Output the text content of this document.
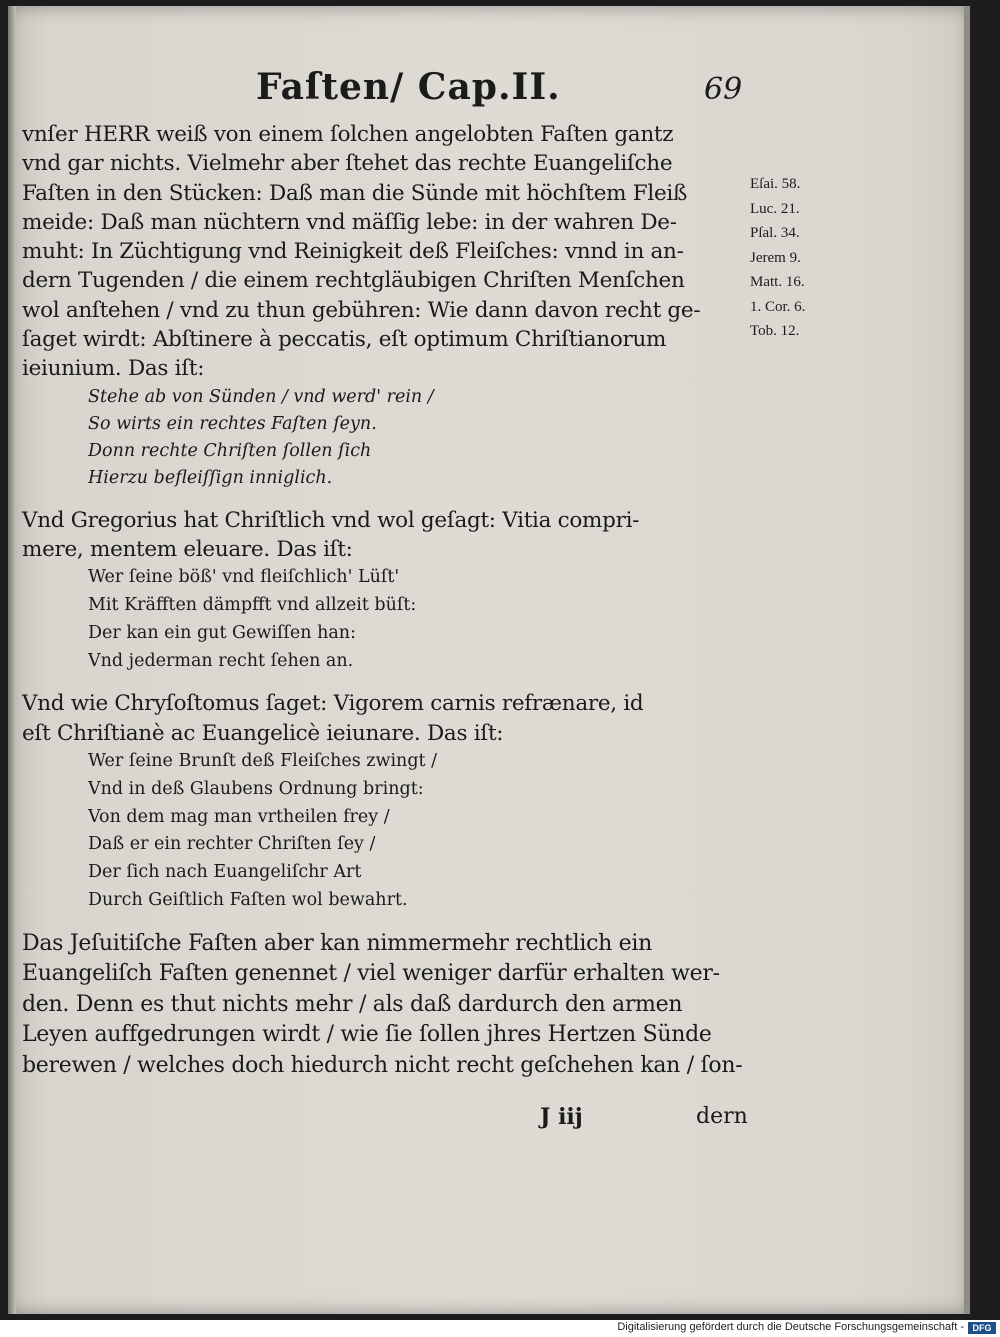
Faſten/ Cap.II.	69
vnſer HERR weiß von einem ſolchen angelobten Faſten gantz
vnd gar nichts. Vielmehr aber ſtehet das rechte Euangeliſche
Faſten in den Stücken: Daß man die Sünde mit höchſtem Fleiß
meide: Daß man nüchtern vnd mäſſig lebe: in der wahren De-
muht: In Züchtigung vnd Reinigkeit deß Fleiſches: vnnd in an-
dern Tugenden / die einem rechtgläubigen Chriſten Menſchen
wol anſtehen / vnd zu thun gebühren: Wie dann davon recht ge-
ſaget wirdt: Abſtinere à peccatis, eſt optimum Chriſtianorum
ieiunium. Das iſt:
Stehe ab von Sünden / vnd werd' rein /
So wirts ein rechtes Faſten ſeyn.
Donn rechte Chriſten ſollen ſich
Hierzu befleiſſign inniglich.
Vnd Gregorius hat Chriſtlich vnd wol geſagt: Vitia compri-
mere, mentem eleuare. Das iſt:
Wer ſeine böß' vnd fleiſchlich' Lüſt'
Mit Kräfften dämpfft vnd allzeit büſt:
Der kan ein gut Gewiſſen han:
Vnd jederman recht ſehen an.
Vnd wie Chryſoſtomus ſaget: Vigorem carnis refrænare, id
eſt Chriſtianè ac Euangelicè ieiunare. Das iſt:
Wer ſeine Brunſt deß Fleiſches zwingt /
Vnd in deß Glaubens Ordnung bringt:
Von dem mag man vrtheilen frey /
Daß er ein rechter Chriſten ſey /
Der ſich nach Euangeliſchr Art
Durch Geiſtlich Faſten wol bewahrt.
Das Jeſuitiſche Faſten aber kan nimmermehr rechtlich ein
Euangeliſch Faſten genennet / viel weniger darfür erhalten wer-
den. Denn es thut nichts mehr / als daß dardurch den armen
Leyen auffgedrungen wirdt / wie ſie ſollen jhres Hertzen Sünde
berewen / welches doch hiedurch nicht recht geſchehen kan / ſon-
Eſai. 58.
Luc. 21.
Pſal. 34.
Jerem 9.
Matt. 16.
1. Cor. 6.
Tob. 12.
J iij	dern
Digitalisierung gefördert durch die Deutsche Forschungsgemeinschaft - DFG
